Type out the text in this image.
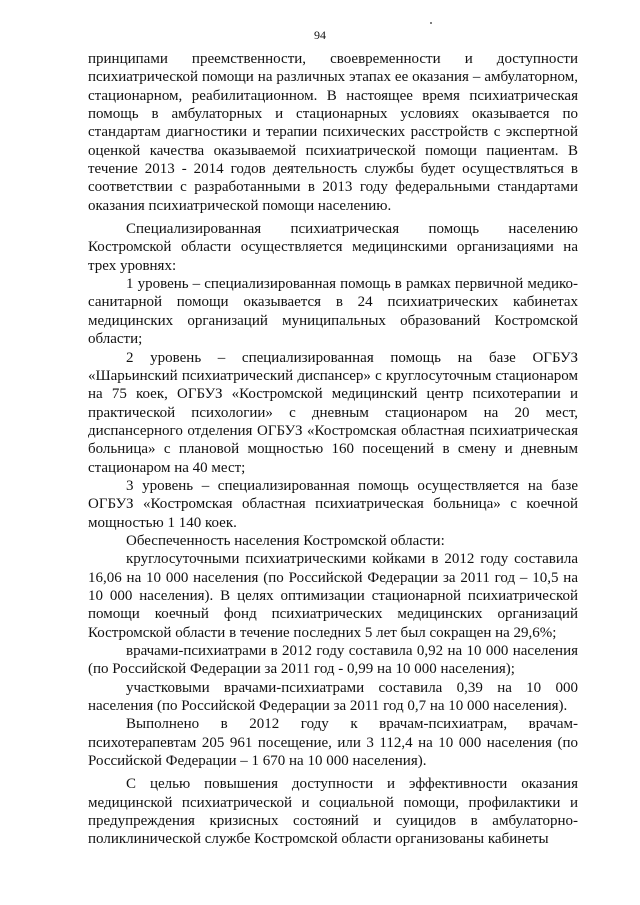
94

принципами преемственности, своевременности и доступности психиатрической помощи на различных этапах ее оказания – амбулаторном, стационарном, реабилитационном. В настоящее время психиатрическая помощь в амбулаторных и стационарных условиях оказывается по стандартам диагностики и терапии психических расстройств с экспертной оценкой качества оказываемой психиатрической помощи пациентам. В течение 2013 - 2014 годов деятельность службы будет осуществляться в соответствии с разработанными в 2013 году федеральными стандартами оказания психиатрической помощи населению.

Специализированная психиатрическая помощь населению Костромской области осуществляется медицинскими организациями на трех уровнях:

1 уровень – специализированная помощь в рамках первичной медико-санитарной помощи оказывается в 24 психиатрических кабинетах медицинских организаций муниципальных образований Костромской области;

2 уровень – специализированная помощь на базе ОГБУЗ «Шарьинский психиатрический диспансер» с круглосуточным стационаром на 75 коек, ОГБУЗ «Костромской медицинский центр психотерапии и практической психологии» с дневным стационаром на 20 мест, диспансерного отделения ОГБУЗ «Костромская областная психиатрическая больница» с плановой мощностью 160 посещений в смену и дневным стационаром на 40 мест;

3 уровень – специализированная помощь осуществляется на базе ОГБУЗ «Костромская областная психиатрическая больница» с коечной мощностью 1 140 коек.

Обеспеченность населения Костромской области:

круглосуточными психиатрическими койками в 2012 году составила 16,06 на 10 000 населения (по Российской Федерации за 2011 год – 10,5 на 10 000 населения). В целях оптимизации стационарной психиатрической помощи коечный фонд психиатрических медицинских организаций Костромской области в течение последних 5 лет был сокращен на 29,6%;

врачами-психиатрами в 2012 году составила 0,92 на 10 000 населения (по Российской Федерации за 2011 год - 0,99 на 10 000 населения);

участковыми врачами-психиатрами составила 0,39 на 10 000 населения (по Российской Федерации за 2011 год 0,7 на 10 000 населения).

Выполнено в 2012 году к врачам-психиатрам, врачам-психотерапевтам 205 961 посещение, или 3 112,4 на 10 000 населения (по Российской Федерации – 1 670 на 10 000 населения).

С целью повышения доступности и эффективности оказания медицинской психиатрической и социальной помощи, профилактики и предупреждения кризисных состояний и суицидов в амбулаторно-поликлинической службе Костромской области организованы кабинеты
